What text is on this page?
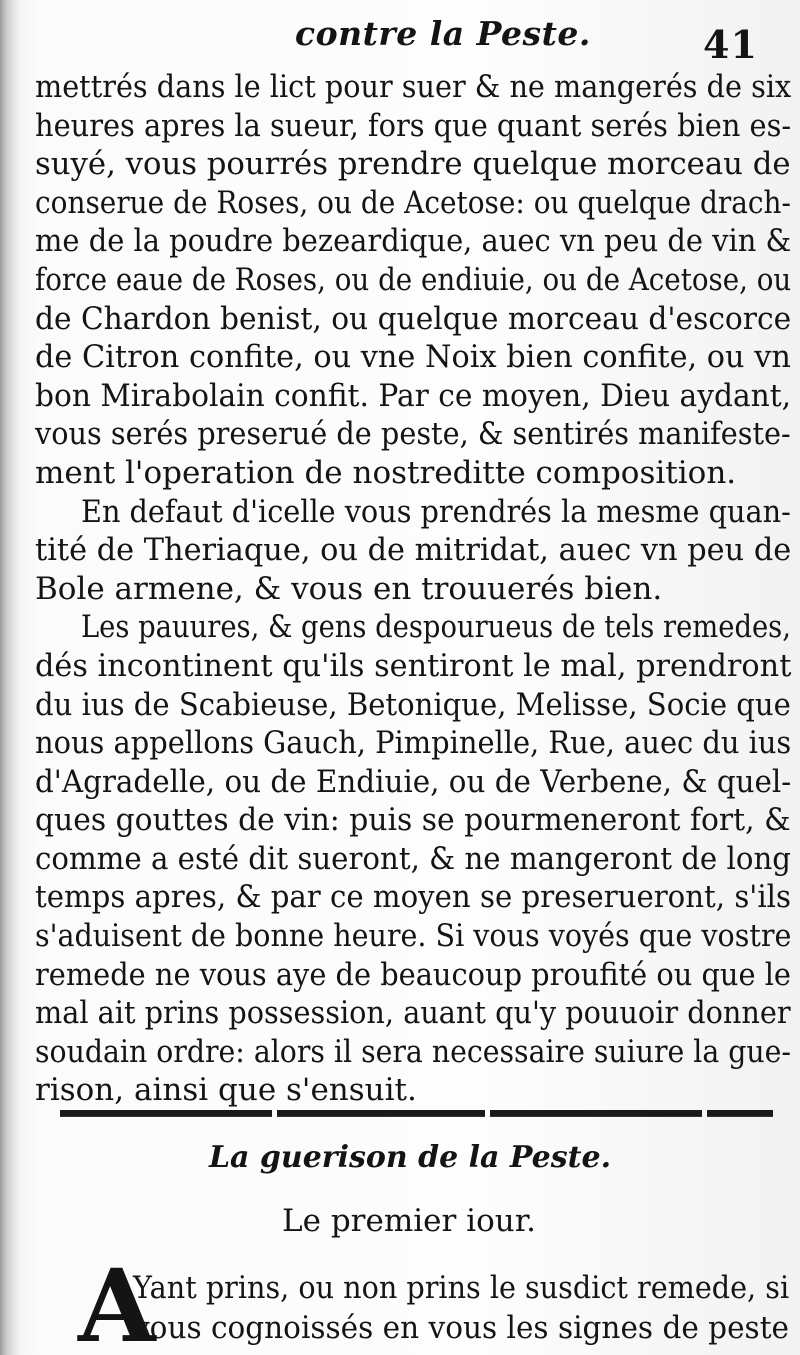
contre la Peste.	41
mettrés dans le lict pour suer & ne mangerés de six
heures apres la sueur, fors que quant serés bien es-
suyé, vous pourrés prendre quelque morceau de
conserue de Roses, ou de Acetose: ou quelque drach-
me de la poudre bezeardique, auec vn peu de vin &
force eaue de Roses, ou de endiuie, ou de Acetose, ou
de Chardon benist, ou quelque morceau d'escorce
de Citron confite, ou vne Noix bien confite, ou vn
bon Mirabolain confit. Par ce moyen, Dieu aydant,
vous serés preserué de peste, & sentirés manifeste-
ment l'operation de nostreditte composition.
En defaut d'icelle vous prendrés la mesme quan-
tité de Theriaque, ou de mitridat, auec vn peu de
Bole armene, & vous en trouuerés bien.
Les pauures, & gens despourueus de tels remedes,
dés incontinent qu'ils sentiront le mal, prendront
du ius de Scabieuse, Betonique, Melisse, Socie que
nous appellons Gauch, Pimpinelle, Rue, auec du ius
d'Agradelle, ou de Endiuie, ou de Verbene, & quel-
ques gouttes de vin: puis se pourmeneront fort, &
comme a esté dit sueront, & ne mangeront de long
temps apres, & par ce moyen se preserueront, s'ils
s'aduisent de bonne heure. Si vous voyés que vostre
remede ne vous aye de beaucoup proufité ou que le
mal ait prins possession, auant qu'y pouuoir donner
soudain ordre: alors il sera necessaire suiure la gue-
rison, ainsi que s'ensuit.
La guerison de la Peste.
Le premier iour.
A
Yant prins, ou non prins le susdict remede, si
vous cognoissés en vous les signes de peste
